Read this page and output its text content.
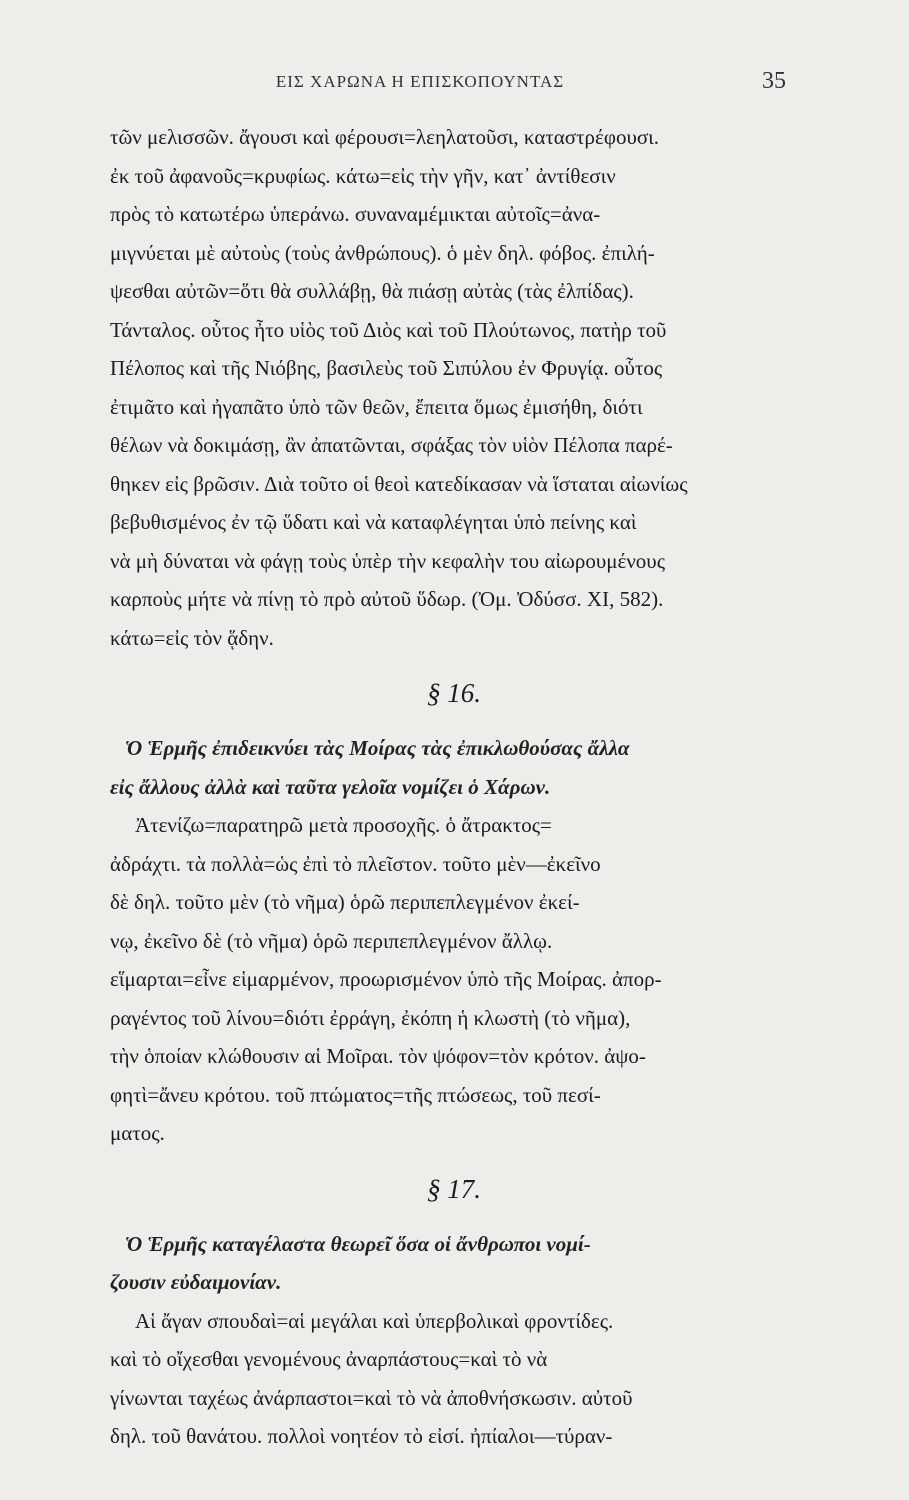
ΕΙΣ ΧΑΡΩΝΑ Η ΕΠΙΣΚΟΠΟΥΝΤΑΣ	35
τῶν μελισσῶν. ἄγουσι καὶ φέρουσι=λεηλατοῦσι, καταστρέφουσι.
ἐκ τοῦ ἀφανοῦς=κρυφίως. κάτω=εἰς τὴν γῆν, κατ᾽ ἀντίθεσιν
πρὸς τὸ κατωτέρω ὑπεράνω. συναναμέμικται αὐτοῖς=ἀνα-
μιγνύεται μὲ αὐτοὺς (τοὺς ἀνθρώπους). ὁ μὲν δηλ. φόβος. ἐπιλή-
ψεσθαι αὐτῶν=ὅτι θὰ συλλάβῃ, θὰ πιάσῃ αὐτὰς (τὰς ἐλπίδας).
Τάνταλος. οὗτος ἦτο υἱὸς τοῦ Διὸς καὶ τοῦ Πλούτωνος, πατὴρ τοῦ
Πέλοπος καὶ τῆς Νιόβης, βασιλεὺς τοῦ Σιπύλου ἐν Φρυγίᾳ. οὗτος
ἐτιμᾶτο καὶ ἠγαπᾶτο ὑπὸ τῶν θεῶν, ἔπειτα ὅμως ἐμισήθη, διότι
θέλων νὰ δοκιμάσῃ, ἂν ἀπατῶνται, σφάξας τὸν υἱὸν Πέλοπα παρέ-
θηκεν εἰς βρῶσιν. Διὰ τοῦτο οἱ θεοὶ κατεδίκασαν νὰ ἵσταται αἰωνίως
βεβυθισμένος ἐν τῷ ὕδατι καὶ νὰ καταφλέγηται ὑπὸ πείνης καὶ
νὰ μὴ δύναται νὰ φάγῃ τοὺς ὑπὲρ τὴν κεφαλὴν του αἰωρουμένους
καρποὺς μήτε νὰ πίνῃ τὸ πρὸ αὐτοῦ ὕδωρ. (Ὀμ. Ὀδύσσ. XI, 582).
κάτω=εἰς τὸν ᾅδην.
§ 16.
Ὁ Ἑρμῆς ἐπιδεικνύει τὰς Μοίρας τὰς ἐπικλωθούσας ἄλλα
εἰς ἄλλους ἀλλὰ καὶ ταῦτα γελοῖα νομίζει ὁ Χάρων.
Ἀτενίζω=παρατηρῶ μετὰ προσοχῆς. ὁ ἄτρακτος=
ἀδράχτι. τὰ πολλὰ=ὡς ἐπὶ τὸ πλεῖστον. τοῦτο μὲν—ἐκεῖνο
δὲ δηλ. τοῦτο μὲν (τὸ νῆμα) ὁρῶ περιπεπλεγμένον ἐκεί-
νῳ, ἐκεῖνο δὲ (τὸ νῆμα) ὁρῶ περιπεπλεγμένον ἄλλῳ.
εἵμαρται=εἶνε εἱμαρμένον, προωρισμένον ὑπὸ τῆς Μοίρας. ἀπορ-
ραγέντος τοῦ λίνου=διότι ἐρράγη, ἐκόπη ἡ κλωστὴ (τὸ νῆμα),
τὴν ὁποίαν κλώθουσιν αἱ Μοῖραι. τὸν ψόφον=τὸν κρότον. ἀψο-
φητὶ=ἄνευ κρότου. τοῦ πτώματος=τῆς πτώσεως, τοῦ πεσί-
ματος.
§ 17.
Ὁ Ἑρμῆς καταγέλαστα θεωρεῖ ὅσα οἱ ἄνθρωποι νομί-
ζουσιν εὐδαιμονίαν.
Αἱ ἄγαν σπουδαὶ=αἱ μεγάλαι καὶ ὑπερβολικαὶ φροντίδες.
καὶ τὸ οἴχεσθαι γενομένους ἀναρπάστους=καὶ τὸ νὰ
γίνωνται ταχέως ἀνάρπαστοι=καὶ τὸ νὰ ἀποθνήσκωσιν. αὐτοῦ
δηλ. τοῦ θανάτου. πολλοὶ νοητέον τὸ εἰσί. ἠπίαλοι—τύραν-
